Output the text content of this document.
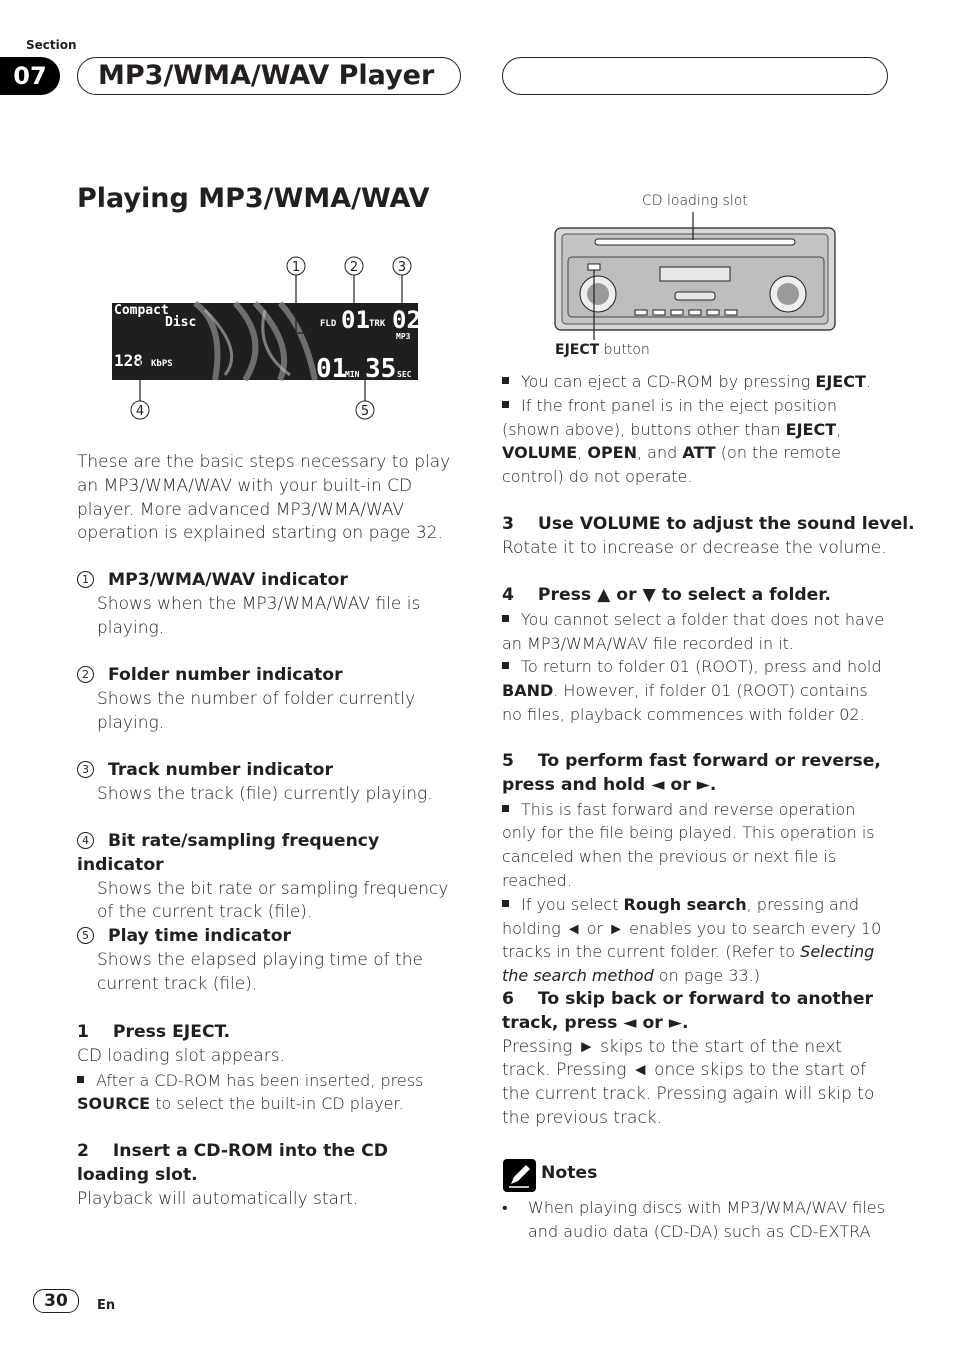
Section
07	MP3/WMA/WAV Player
Playing MP3/WMA/WAV
1	2	3
4	5
Compact
Disc
128 KbPS
FLD 01 TRK 02
MP3
01
MIN 35 SEC
These are the basic steps necessary to play an MP3/WMA/WAV with your built-in CD player. More advanced MP3/WMA/WAV operation is explained starting on page 32.
1 MP3/WMA/WAV indicator
Shows when the MP3/WMA/WAV file is playing.
2 Folder number indicator
Shows the number of folder currently playing.
3 Track number indicator
Shows the track (file) currently playing.
4 Bit rate/sampling frequency indicator
Shows the bit rate or sampling frequency of the current track (file).
5 Play time indicator
Shows the elapsed playing time of the current track (file).
1    Press EJECT.
CD loading slot appears.
After a CD-ROM has been inserted, press
SOURCE to select the built-in CD player.
2    Insert a CD-ROM into the CD loading slot.
Playback will automatically start.
CD loading slot
EJECT button
You can eject a CD-ROM by pressing EJECT.
If the front panel is in the eject position (shown above), buttons other than EJECT, VOLUME, OPEN, and ATT (on the remote control) do not operate.
3    Use VOLUME to adjust the sound level.
Rotate it to increase or decrease the volume.
4    Press ▲ or ▼ to select a folder.
You cannot select a folder that does not have an MP3/WMA/WAV file recorded in it.
To return to folder 01 (ROOT), press and hold BAND. However, if folder 01 (ROOT) contains no files, playback commences with folder 02.
5    To perform fast forward or reverse, press and hold ◄ or ►.
This is fast forward and reverse operation only for the file being played. This operation is canceled when the previous or next file is reached.
If you select Rough search, pressing and holding ◄ or ► enables you to search every 10 tracks in the current folder. (Refer to Selecting the search method on page 33.)
6    To skip back or forward to another track, press ◄ or ►.
Pressing ► skips to the start of the next track. Pressing ◄ once skips to the start of the current track. Pressing again will skip to the previous track.
Notes
•	When playing discs with MP3/WMA/WAV files and audio data (CD-DA) such as CD-EXTRA
30	En
